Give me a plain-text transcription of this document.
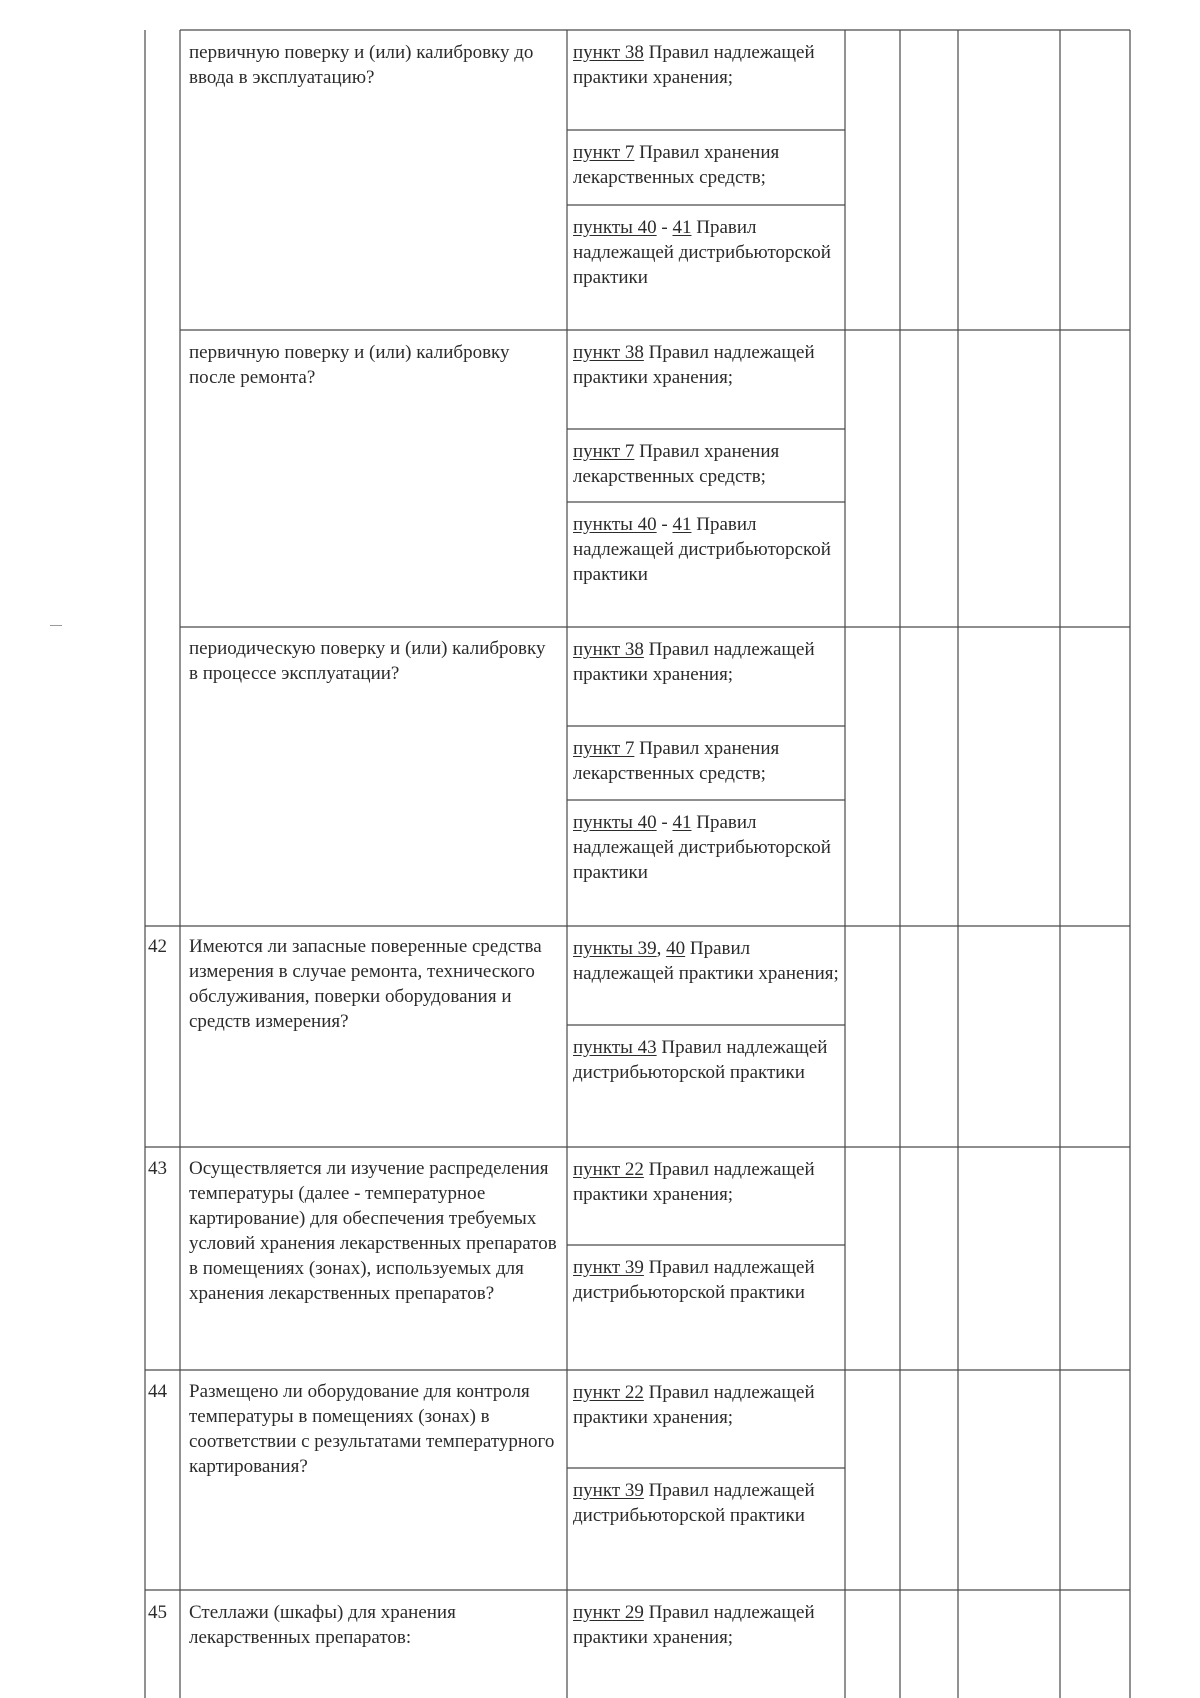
первичную поверку и (или) калибровку до ввода в эксплуатацию?
пункт 38 Правил надлежащей практики хранения;
пункт 7 Правил хранения лекарственных средств;
пункты 40 - 41 Правил надлежащей дистрибьюторской практики
первичную поверку и (или) калибровку после ремонта?
пункт 38 Правил надлежащей практики хранения;
пункт 7 Правил хранения лекарственных средств;
пункты 40 - 41 Правил надлежащей дистрибьюторской практики
периодическую поверку и (или) калибровку в процессе эксплуатации?
пункт 38 Правил надлежащей практики хранения;
пункт 7 Правил хранения лекарственных средств;
пункты 40 - 41 Правил надлежащей дистрибьюторской практики
42	Имеются ли запасные поверенные средства измерения в случае ремонта, технического обслуживания, поверки оборудования и средств измерения?
пункты 39, 40 Правил надлежащей практики хранения;
пункты 43 Правил надлежащей дистрибьюторской практики
43	Осуществляется ли изучение распределения температуры (далее - температурное картирование) для обеспечения требуемых условий хранения лекарственных препаратов в помещениях (зонах), используемых для хранения лекарственных препаратов?
пункт 22 Правил надлежащей практики хранения;
пункт 39 Правил надлежащей дистрибьюторской практики
44	Размещено ли оборудование для контроля температуры в помещениях (зонах) в соответствии с результатами температурного картирования?
пункт 22 Правил надлежащей практики хранения;
пункт 39 Правил надлежащей дистрибьюторской практики
45	Стеллажи (шкафы) для хранения лекарственных препаратов:
пункт 29 Правил надлежащей практики хранения;
